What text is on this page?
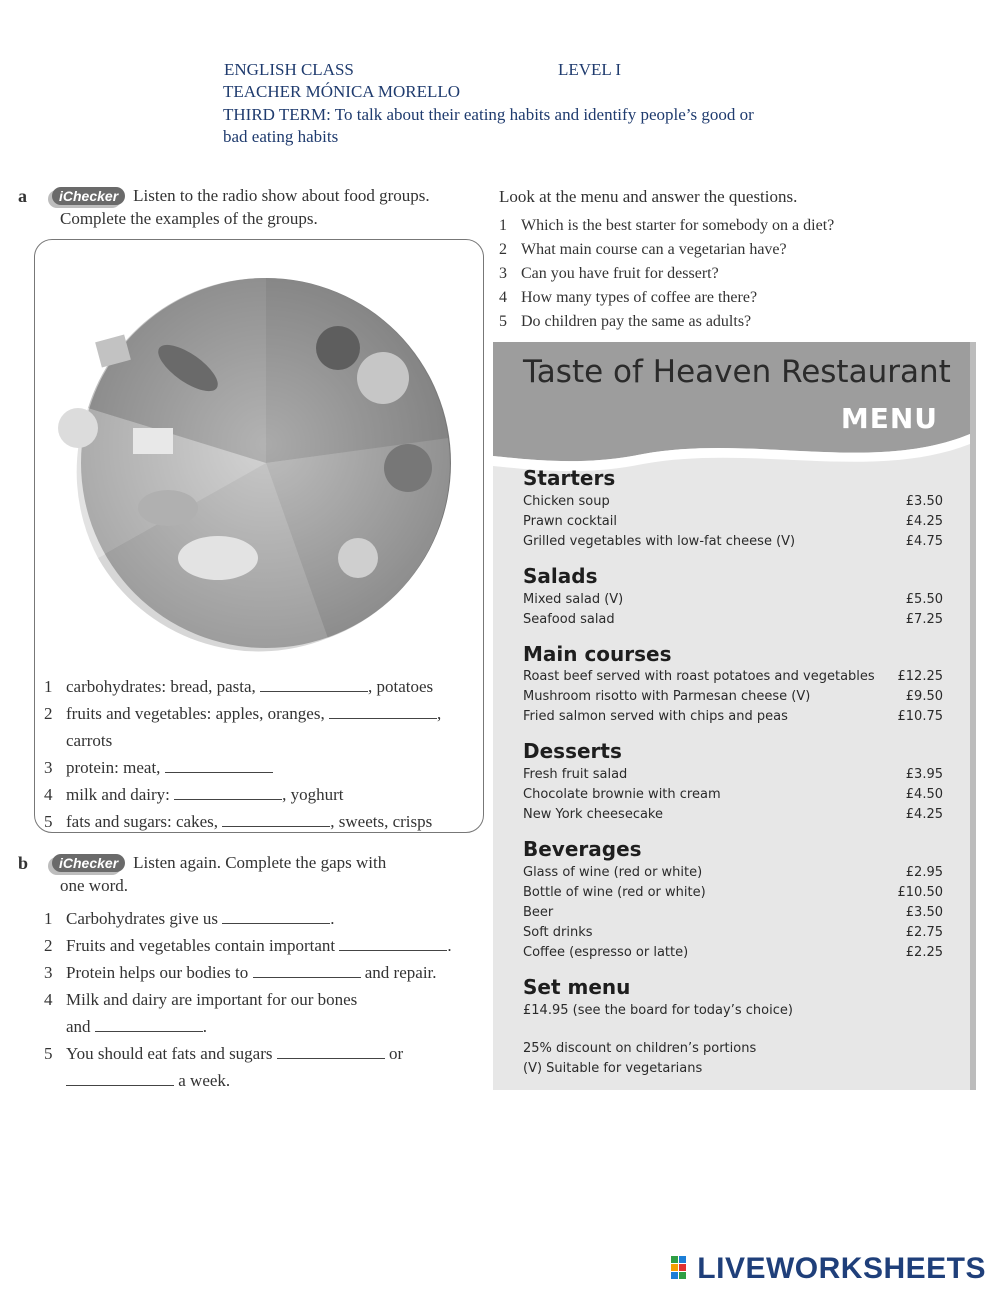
ENGLISH CLASS	LEVEL I
TEACHER MÓNICA MORELLO
THIRD TERM: To talk about their eating habits and identify people’s good or
bad eating habits
a	iChecker Listen to the radio show about food groups.
Complete the examples of the groups.
1 carbohydrates: bread, pasta,	, potatoes
2 fruits and vegetables: apples, oranges,	,
carrots
3 protein: meat,
4 milk and dairy:	, yoghurt
5 fats and sugars: cakes,	, sweets, crisps
b	iChecker Listen again. Complete the gaps with
one word.
1 Carbohydrates give us	.
2 Fruits and vegetables contain important	.
3 Protein helps our bodies to	and repair.
4 Milk and dairy are important for our bones
and	.
5 You should eat fats and sugars	or
a week.
Look at the menu and answer the questions.
1 Which is the best starter for somebody on a diet?
2 What main course can a vegetarian have?
3 Can you have fruit for dessert?
4 How many types of coffee are there?
5 Do children pay the same as adults?
Taste of Heaven Restaurant
MENU
Starters
Chicken soup	£3.50
Prawn cocktail	£4.25
Grilled vegetables with low-fat cheese (V)	£4.75
Salads
Mixed salad (V)	£5.50
Seafood salad	£7.25
Main courses
Roast beef served with roast potatoes and vegetables £12.25
Mushroom risotto with Parmesan cheese (V)	£9.50
Fried salmon served with chips and peas	£10.75
Desserts
Fresh fruit salad	£3.95
Chocolate brownie with cream	£4.50
New York cheesecake	£4.25
Beverages
Glass of wine (red or white)	£2.95
Bottle of wine (red or white)	£10.50
Beer	£3.50
Soft drinks	£2.75
Coffee (espresso or latte)	£2.25
Set menu
£14.95 (see the board for today’s choice)
25% discount on children’s portions
(V) Suitable for vegetarians
LIVEWORKSHEETS
